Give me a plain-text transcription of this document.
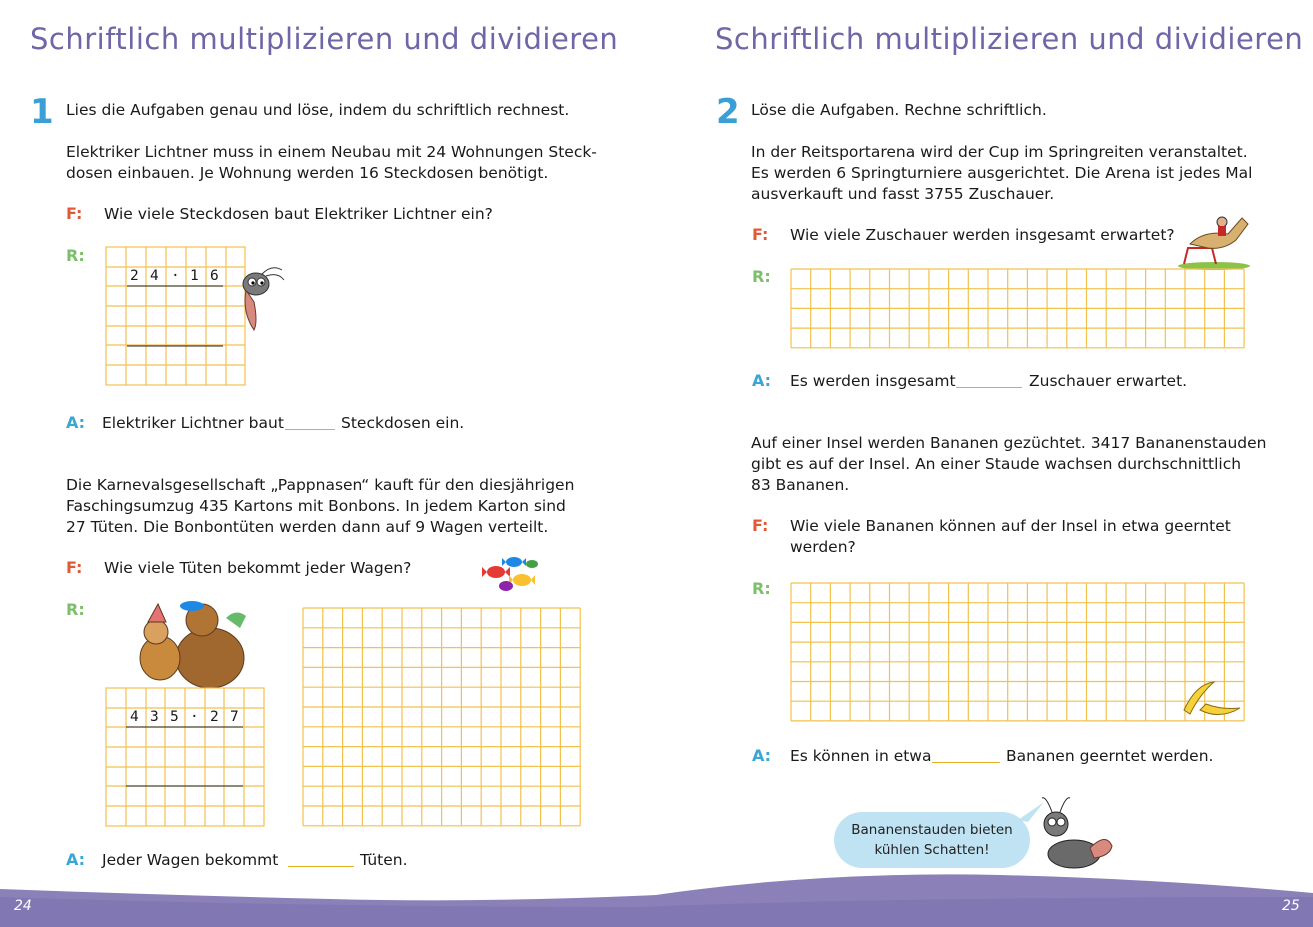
Schriftlich multiplizieren und dividieren
1 Lies die Aufgaben genau und löse, indem du schriftlich rechnest.
Elektriker Lichtner muss in einem Neubau mit 24 Wohnungen Steck-
dosen einbauen. Je Wohnung werden 16 Steckdosen benötigt.
F: Wie viele Steckdosen baut Elektriker Lichtner ein?
R:
2 4 · 1 6
A: Elektriker Lichtner baut	Steckdosen ein.
Die Karnevalsgesellschaft „Pappnasen“ kauft für den diesjährigen
Faschingsumzug 435 Kartons mit Bonbons. In jedem Karton sind
27 Tüten. Die Bonbontüten werden dann auf 9 Wagen verteilt.
F: Wie viele Tüten bekommt jeder Wagen?
R:
4 3 5 · 2 7
A: Jeder Wagen bekommt	Tüten.
Schriftlich multiplizieren und dividieren
2 Löse die Aufgaben. Rechne schriftlich.
In der Reitsportarena wird der Cup im Springreiten veranstaltet.
Es werden 6 Springturniere ausgerichtet. Die Arena ist jedes Mal
ausverkauft und fasst 3755 Zuschauer.
F: Wie viele Zuschauer werden insgesamt erwartet?
R:
A: Es werden insgesamt	Zuschauer erwartet.
Auf einer Insel werden Bananen gezüchtet. 3417 Bananenstauden
gibt es auf der Insel. An einer Staude wachsen durchschnittlich
83 Bananen.
F: Wie viele Bananen können auf der Insel in etwa geerntet
werden?
R:
A: Es können in etwa	Bananen geerntet werden.
Bananenstauden bieten
kühlen Schatten!
24	25
